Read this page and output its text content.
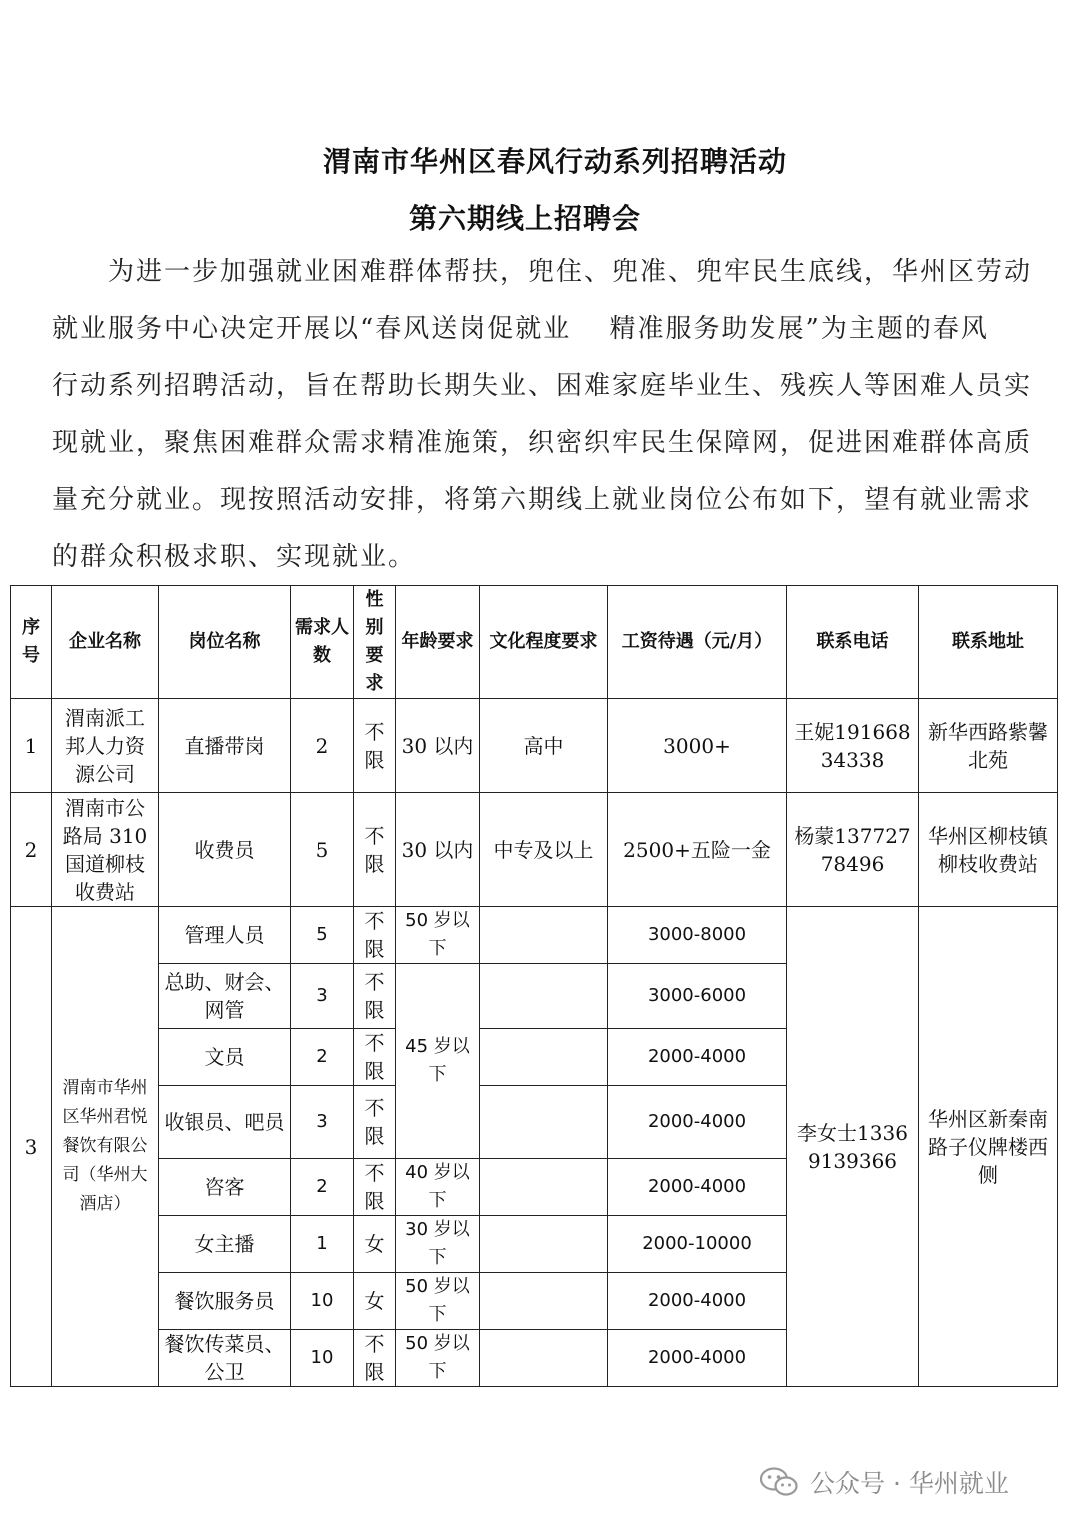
渭南市华州区春风行动系列招聘活动
第六期线上招聘会
　　为进一步加强就业困难群体帮扶，兜住、兜准、兜牢民生底线，华州区劳动
就业服务中心决定开展以“春风送岗促就业　 精准服务助发展”为主题的春风
行动系列招聘活动，旨在帮助长期失业、困难家庭毕业生、残疾人等困难人员实
现就业，聚焦困难群众需求精准施策，织密织牢民生保障网，促进困难群体高质
量充分就业。现按照活动安排，将第六期线上就业岗位公布如下，望有就业需求
的群众积极求职、实现就业。
序号	企业名称	岗位名称	需求人数	性别要求	年龄要求	文化程度要求	工资待遇（元/月）	联系电话	联系地址
1	渭南派工邦人力资源公司	直播带岗	2	不限	30 以内	高中	3000+	王妮19166834338	新华西路紫馨北苑
2	渭南市公路局 310 国道柳枝收费站	收费员	5	不限	30 以内	中专及以上	2500+五险一金	杨蒙13772778496	华州区柳枝镇柳枝收费站
3	渭南市华州区华州君悦餐饮有限公司（华州大酒店）	管理人员	5	不限	50 岁以下		3000-8000	李女士13369139366	华州区新秦南路子仪牌楼西侧
		总助、财会、网管	3	不限	45 岁以下		3000-6000		
		文员	2	不限			2000-4000		
		收银员、吧员	3	不限			2000-4000		
		咨客	2	不限	40 岁以下		2000-4000		
		女主播	1	女	30 岁以下		2000-10000		
		餐饮服务员	10	女	50 岁以下		2000-4000		
		餐饮传菜员、公卫	10	不限	50 岁以下		2000-4000		
公众号 · 华州就业
